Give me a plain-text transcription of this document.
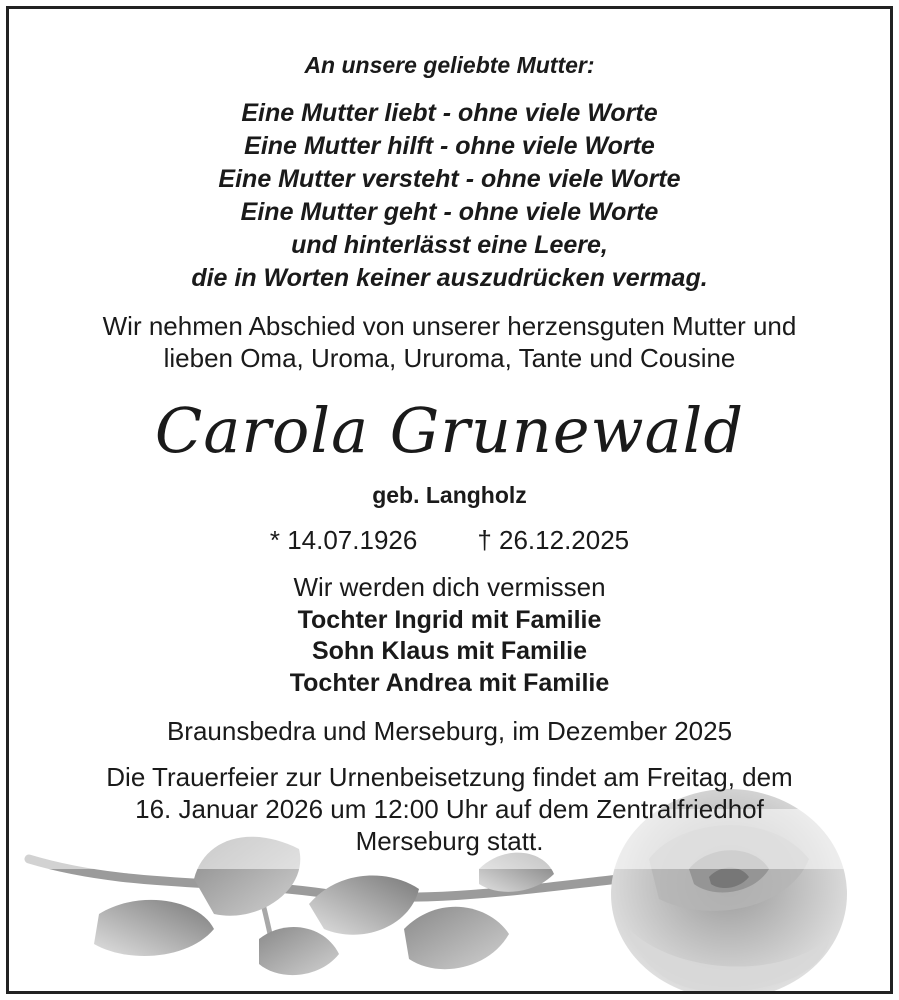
An unsere geliebte Mutter:
Eine Mutter liebt - ohne viele Worte
Eine Mutter hilft - ohne viele Worte
Eine Mutter versteht - ohne viele Worte
Eine Mutter geht - ohne viele Worte
und hinterlässt eine Leere,
die in Worten keiner auszudrücken vermag.
Wir nehmen Abschied von unserer herzensguten Mutter und
lieben Oma, Uroma, Ururoma, Tante und Cousine
Carola Grunewald
geb. Langholz
* 14.07.1926 † 26.12.2025
Wir werden dich vermissen
Tochter Ingrid mit Familie
Sohn Klaus mit Familie
Tochter Andrea mit Familie
Braunsbedra und Merseburg, im Dezember 2025
Die Trauerfeier zur Urnenbeisetzung findet am Freitag, dem
16. Januar 2026 um 12:00 Uhr auf dem Zentralfriedhof
Merseburg statt.
